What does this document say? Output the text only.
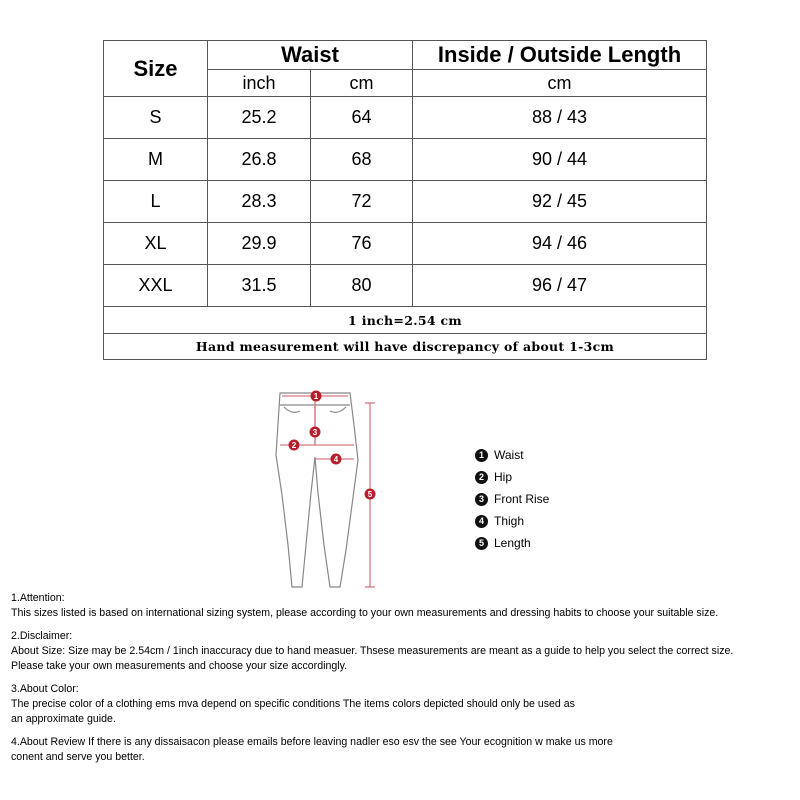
Size	Waist		Inside / Outside Length
	inch	cm	cm
S	25.2	64	88 / 43
M	26.8	68	90 / 44
L	28.3	72	92 / 45
XL	29.9	76	94 / 46
XXL	31.5	80	96 / 47
1 inch=2.54 cm			
Hand measurement will have discrepancy of about 1-3cm			
1
2
3
4
5
1 Waist
2 Hip
3 Front Rise
4 Thigh
5 Length

1.Attention:
This sizes listed is based on international sizing system, please according to your own measurements and dressing habits to choose your suitable size.

2.Disclaimer:
About Size: Size may be 2.54cm / 1inch inaccuracy due to hand measuer. Thsese measurements are meant as a guide to help you select the correct size.
Please take your own measurements and choose your size accordingly.

3.About Color:
The precise color of a clothing ems mva depend on specific conditions The items colors depicted should only be used as
an approximate guide.

4.About Review If there is any dissaisacon please emails before leaving nadler eso esv the see Your ecognition w make us more
conent and serve you better.
